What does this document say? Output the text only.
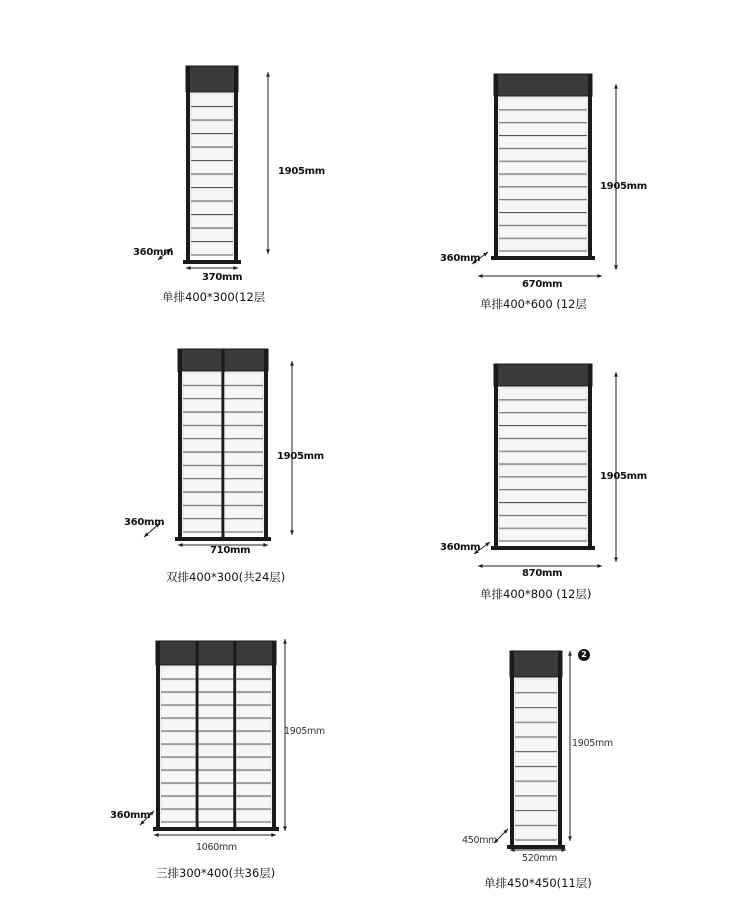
1905mm
360mm
370mm
单排400*300(12层
1905mm
360mm
670mm
单排400*600 (12层
1905mm
360mm
710mm
双排400*300(共24层)
1905mm
360mm
870mm
单排400*800 (12层)
1905mm
360mm
1060mm
三排300*400(共36层)
2
1905mm
450mm
520mm
单排450*450(11层)
